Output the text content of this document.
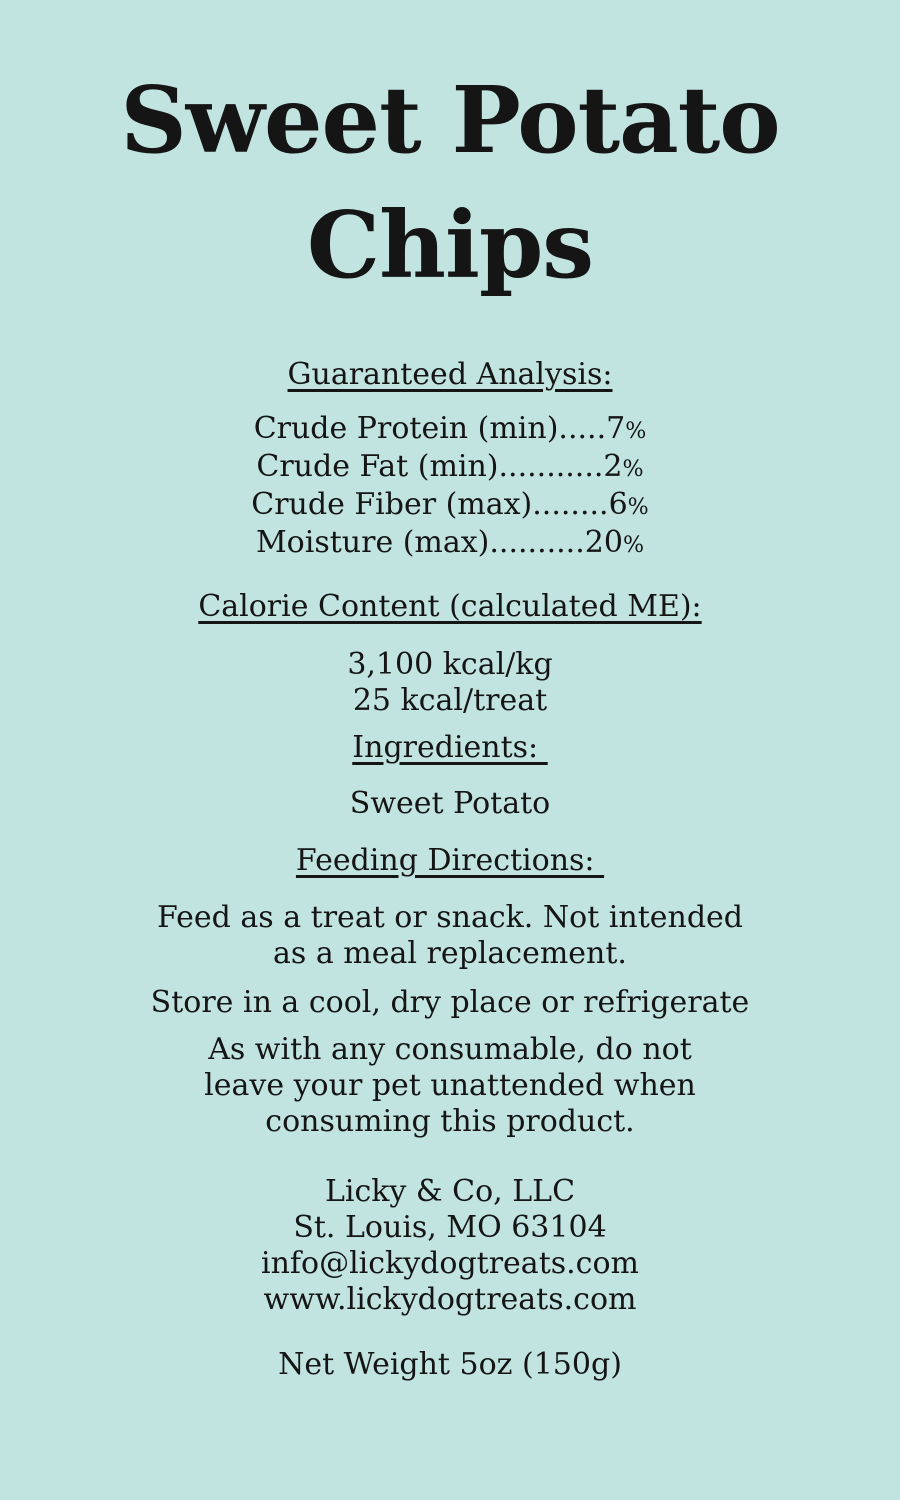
Sweet Potato
Chips
Guaranteed Analysis:
Crude Protein (min).....7%
Crude Fat (min)...........2%
Crude Fiber (max)........6%
Moisture (max)..........20%
Calorie Content (calculated ME):
3,100 kcal/kg
25 kcal/treat
Ingredients:
Sweet Potato
Feeding Directions:

Feed as a treat or snack. Not intended as a meal replacement.

Store in a cool, dry place or refrigerate

As with any consumable, do not leave your pet unattended when consuming this product.

Licky & Co, LLC
St. Louis, MO 63104
info@lickydogtreats.com
www.lickydogtreats.com
Net Weight 5oz (150g)
